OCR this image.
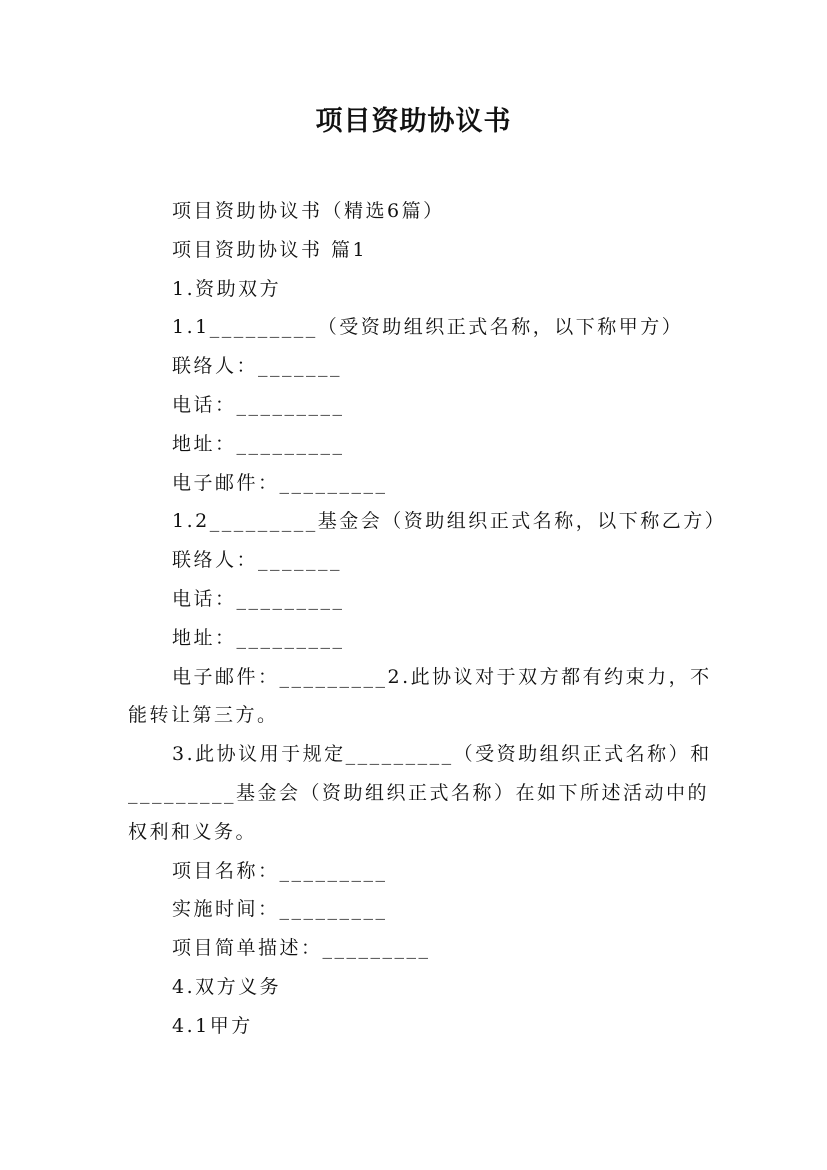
项目资助协议书

项目资助协议书（精选6篇）

项目资助协议书 篇1

1.资助双方

1.1_________（受资助组织正式名称，以下称甲方）

联络人：_______

电话：_________

地址：_________

电子邮件：_________

1.2_________基金会（资助组织正式名称，以下称乙方）

联络人：_______

电话：_________

地址：_________

电子邮件：_________2.此协议对于双方都有约束力，不能转让第三方。

3.此协议用于规定_________（受资助组织正式名称）和_________基金会（资助组织正式名称）在如下所述活动中的权利和义务。

项目名称：_________

实施时间：_________

项目简单描述：_________

4.双方义务

4.1甲方
